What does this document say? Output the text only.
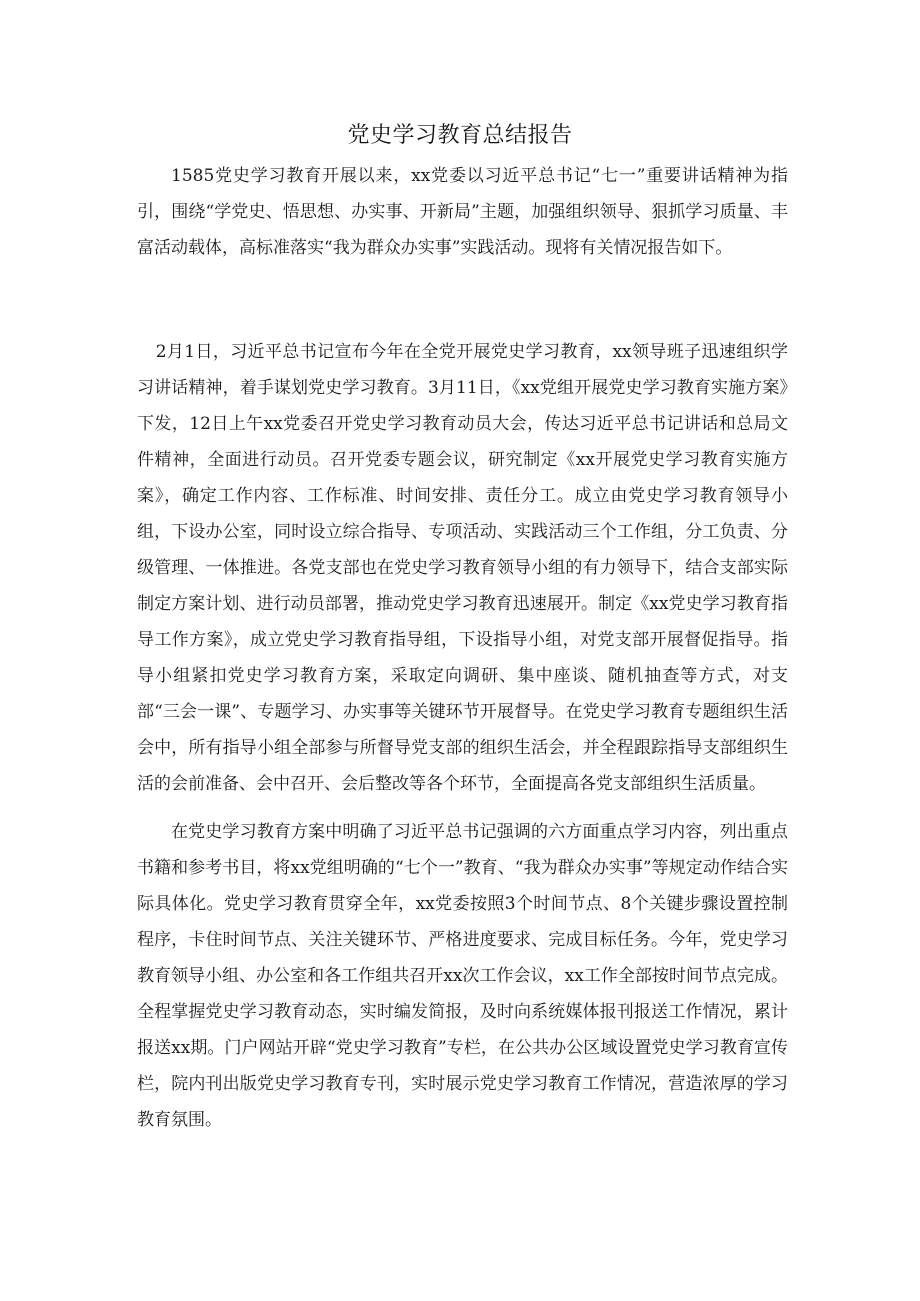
党史学习教育总结报告

1585党史学习教育开展以来，xx党委以习近平总书记“七一”重要讲话精神为指引，围绕“学党史、悟思想、办实事、开新局”主题，加强组织领导、狠抓学习质量、丰富活动载体，高标准落实“我为群众办实事”实践活动。现将有关情况报告如下。

2月1日，习近平总书记宣布今年在全党开展党史学习教育，xx领导班子迅速组织学习讲话精神，着手谋划党史学习教育。3月11日，《xx党组开展党史学习教育实施方案》下发，12日上午xx党委召开党史学习教育动员大会，传达习近平总书记讲话和总局文件精神，全面进行动员。召开党委专题会议，研究制定《xx开展党史学习教育实施方案》，确定工作内容、工作标准、时间安排、责任分工。成立由党史学习教育领导小组，下设办公室，同时设立综合指导、专项活动、实践活动三个工作组，分工负责、分级管理、一体推进。各党支部也在党史学习教育领导小组的有力领导下，结合支部实际制定方案计划、进行动员部署，推动党史学习教育迅速展开。制定《xx党史学习教育指导工作方案》，成立党史学习教育指导组，下设指导小组，对党支部开展督促指导。指导小组紧扣党史学习教育方案，采取定向调研、集中座谈、随机抽查等方式，对支部“三会一课”、专题学习、办实事等关键环节开展督导。在党史学习教育专题组织生活会中，所有指导小组全部参与所督导党支部的组织生活会，并全程跟踪指导支部组织生活的会前准备、会中召开、会后整改等各个环节，全面提高各党支部组织生活质量。

在党史学习教育方案中明确了习近平总书记强调的六方面重点学习内容，列出重点书籍和参考书目，将xx党组明确的“七个一”教育、“我为群众办实事”等规定动作结合实际具体化。党史学习教育贯穿全年，xx党委按照3个时间节点、8个关键步骤设置控制程序，卡住时间节点、关注关键环节、严格进度要求、完成目标任务。今年，党史学习教育领导小组、办公室和各工作组共召开xx次工作会议，xx工作全部按时间节点完成。全程掌握党史学习教育动态，实时编发简报，及时向系统媒体报刊报送工作情况，累计报送xx期。门户网站开辟“党史学习教育”专栏，在公共办公区域设置党史学习教育宣传栏，院内刊出版党史学习教育专刊，实时展示党史学习教育工作情况，营造浓厚的学习教育氛围。
